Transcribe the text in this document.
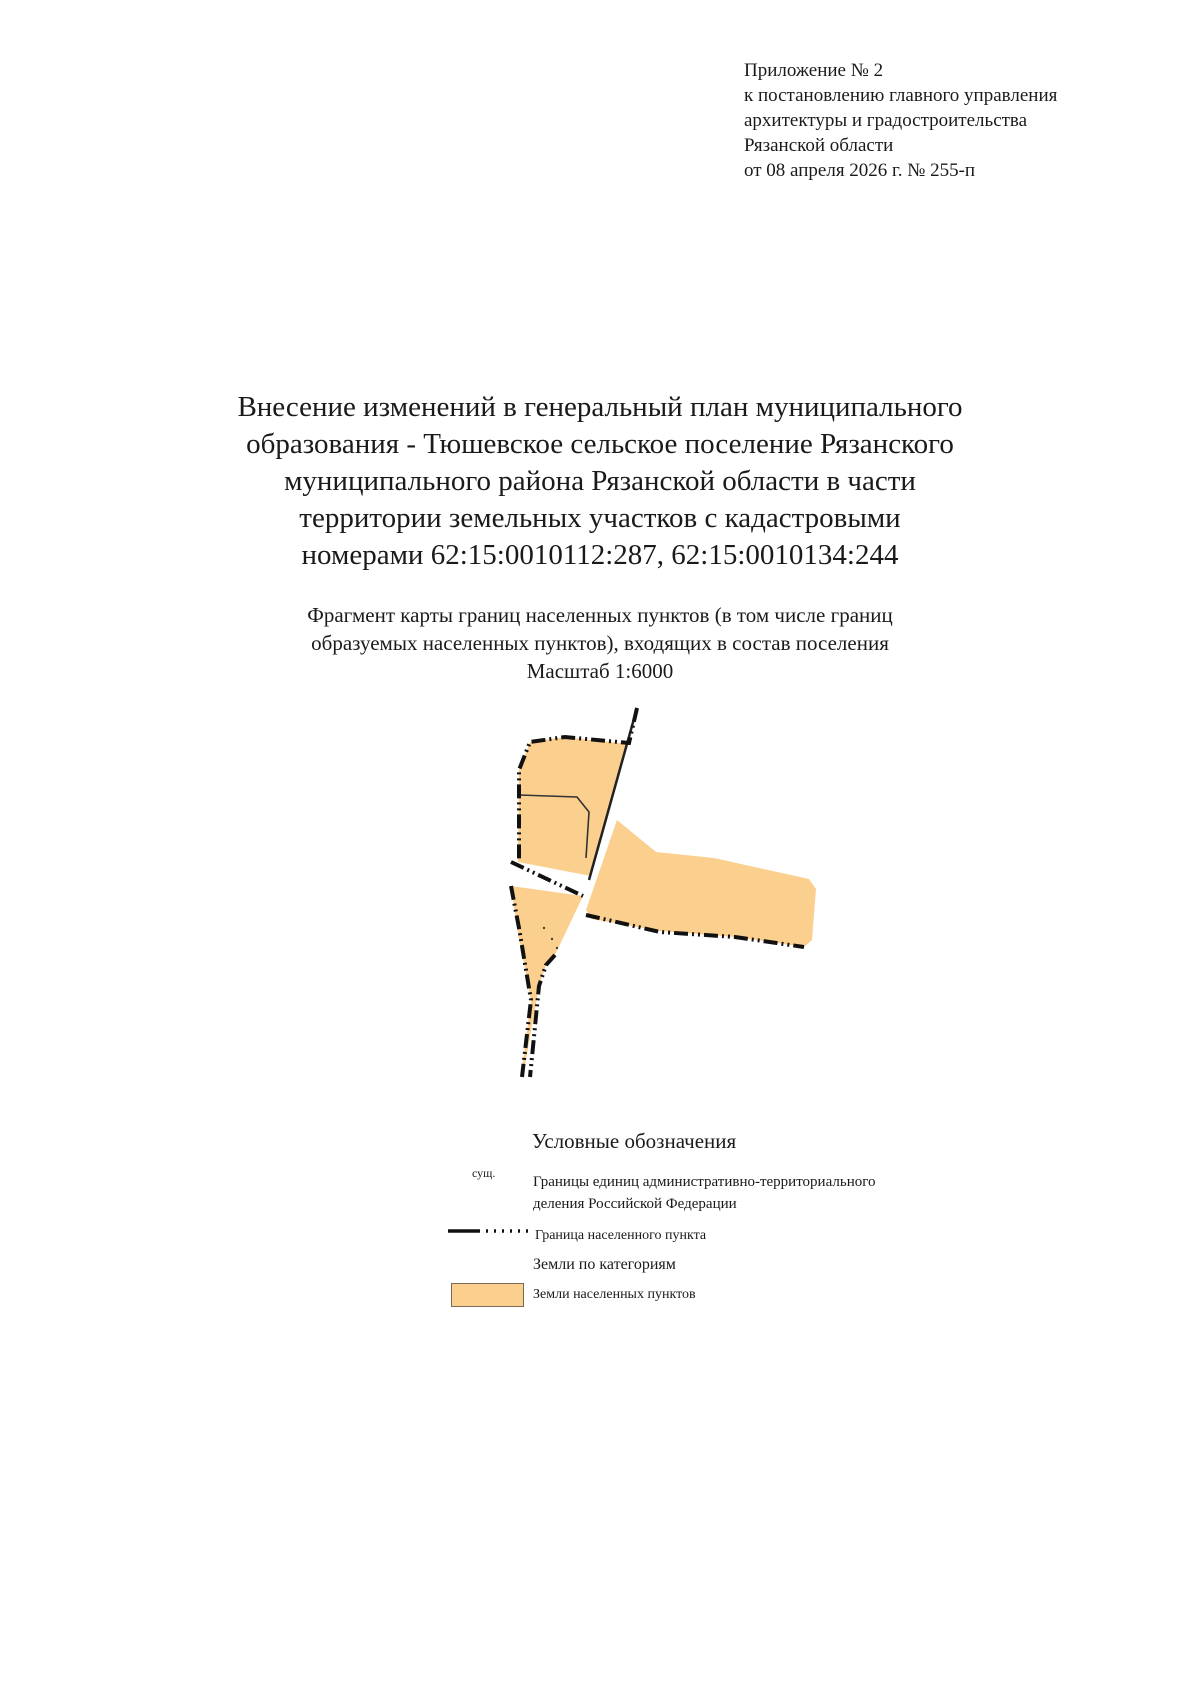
Приложение № 2
к постановлению главного управления
архитектуры и градостроительства
Рязанской области
от 08 апреля 2026 г. № 255-п
Внесение изменений в генеральный план муниципального
образования - Тюшевское сельское поселение Рязанского
муниципального района Рязанской области в части
территории земельных участков с кадастровыми
номерами 62:15:0010112:287, 62:15:0010134:244
Фрагмент карты границ населенных пунктов (в том числе границ
образуемых населенных пунктов), входящих в состав поселения
Масштаб 1:6000
Условные обозначения
сущ.
Границы единиц административно-территориального
деления Российской Федерации
Граница населенного пункта
Земли по категориям
Земли населенных пунктов
